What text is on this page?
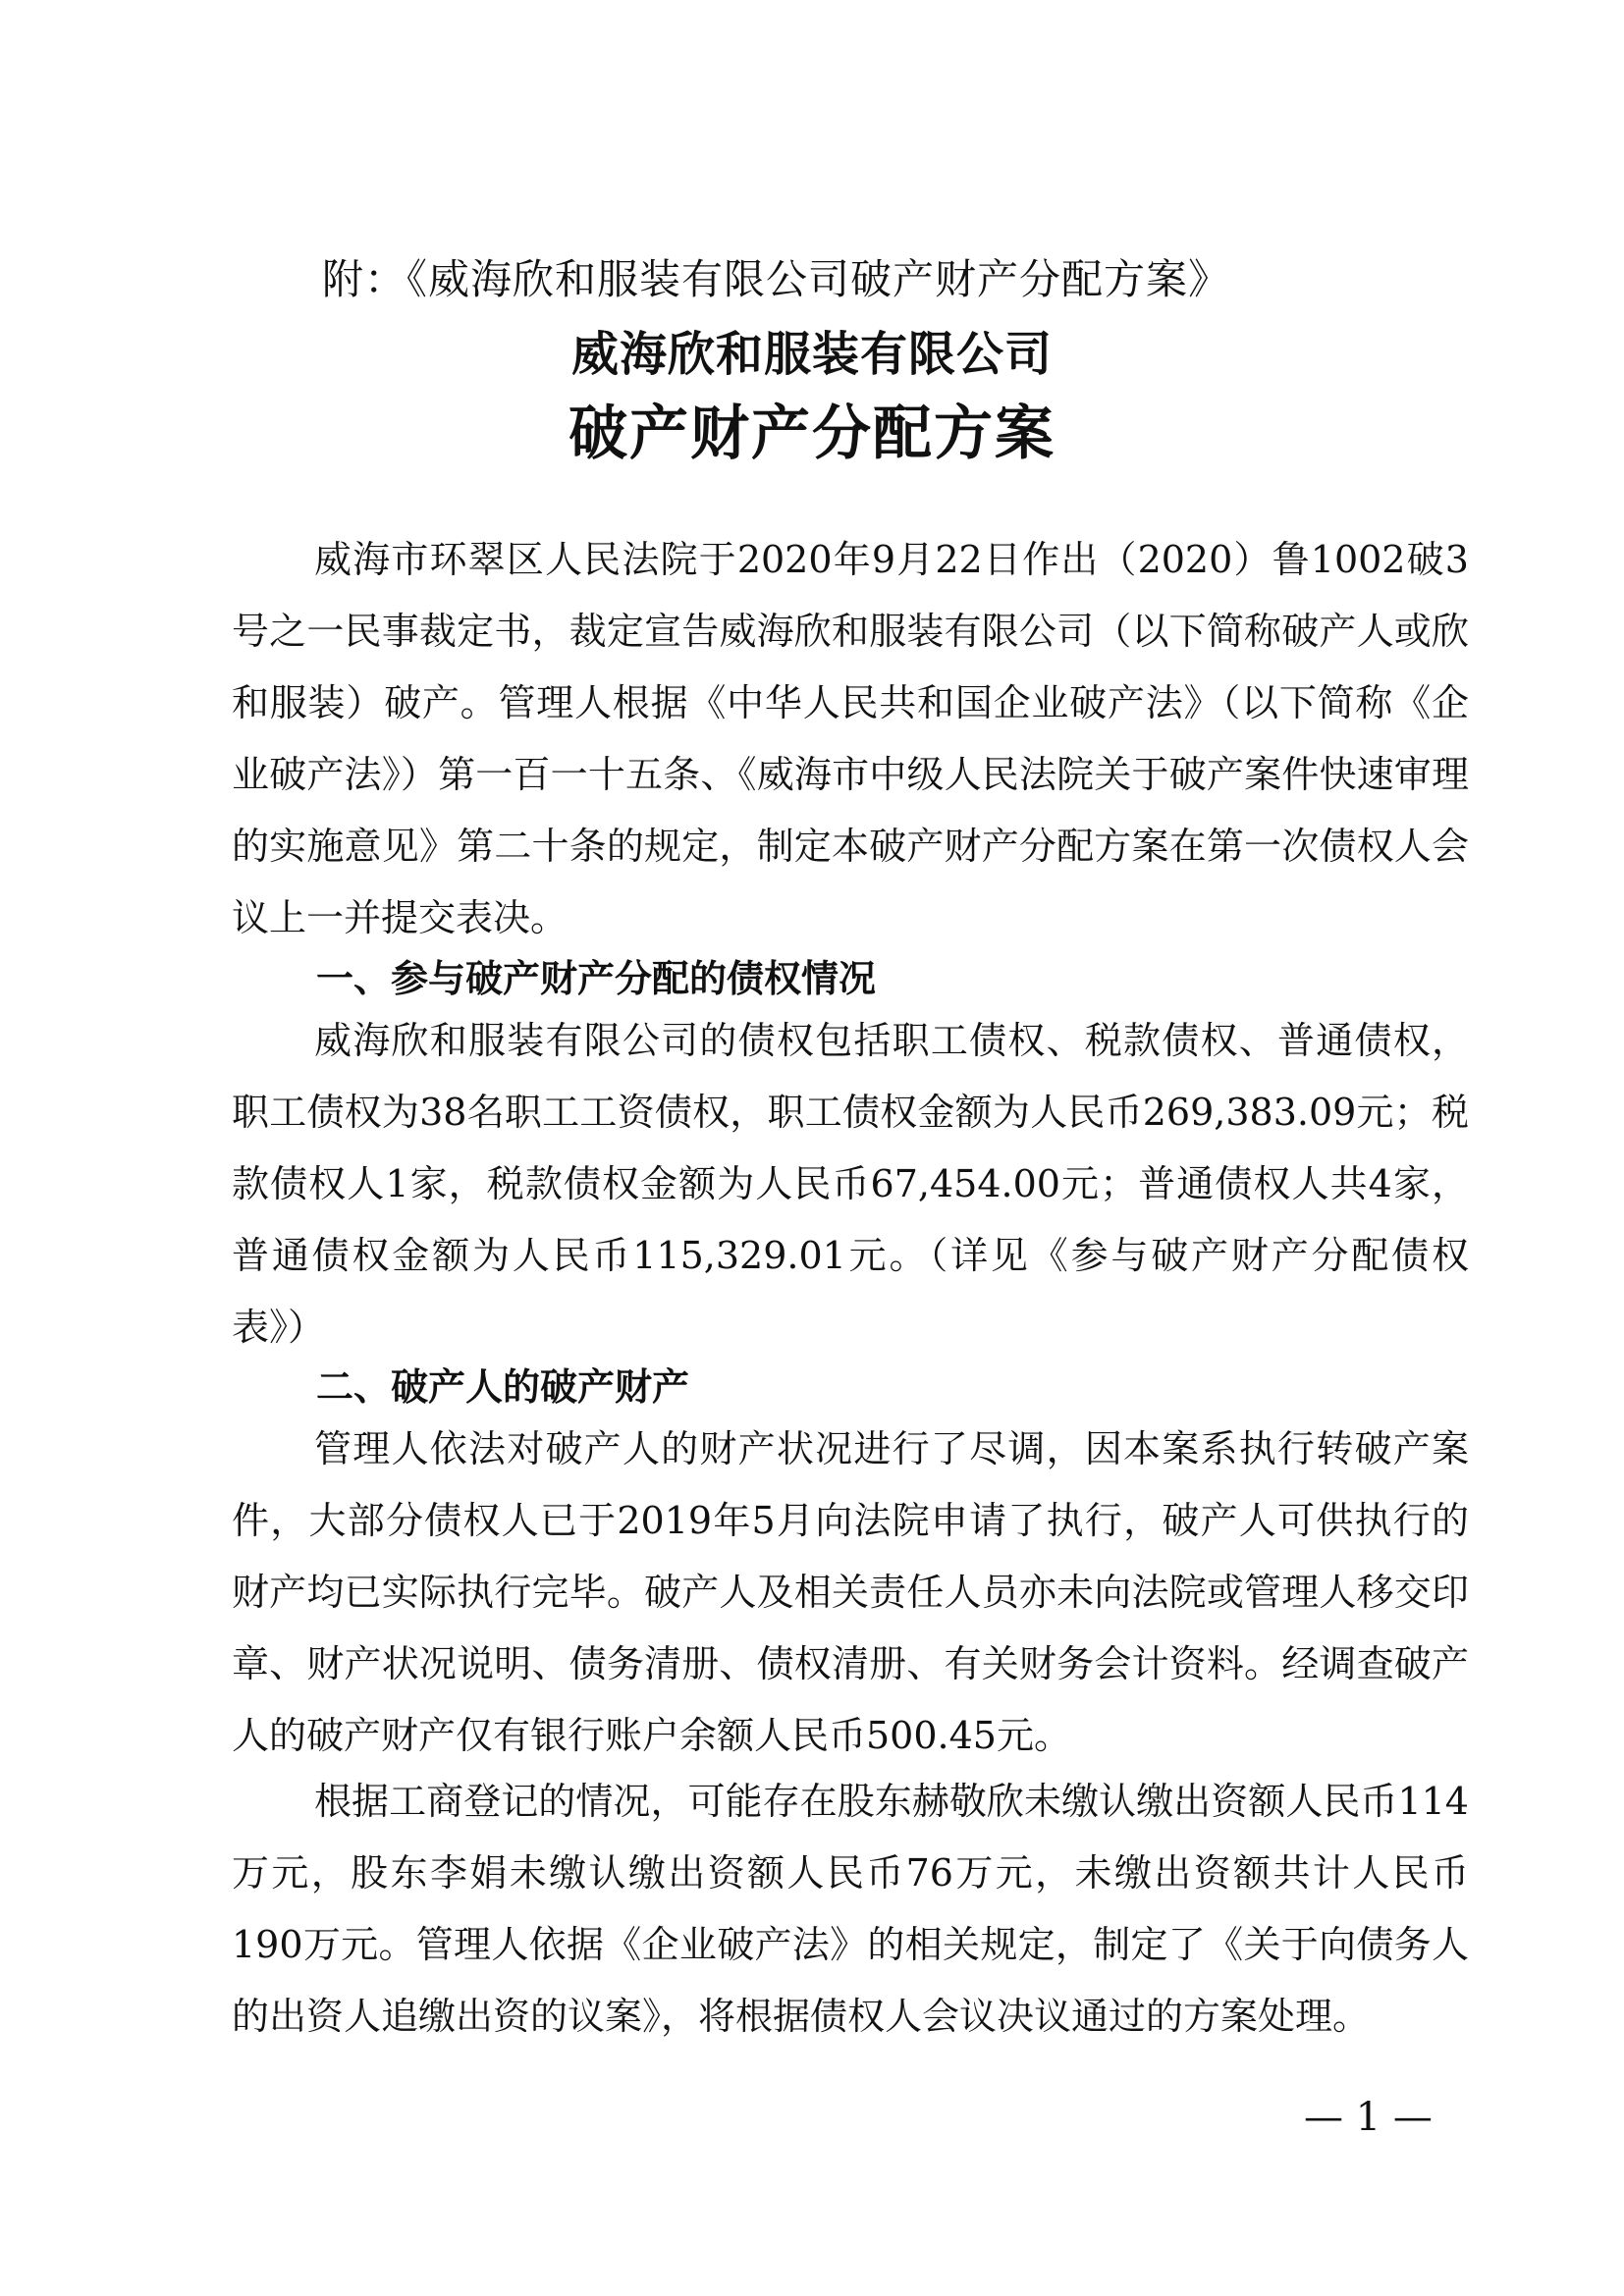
附：《威海欣和服装有限公司破产财产分配方案》
威海欣和服装有限公司
破产财产分配方案

威海市环翠区人民法院于2020年9月22日作出（2020）鲁1002破3号之一民事裁定书，裁定宣告威海欣和服装有限公司（以下简称破产人或欣和服装）破产。管理人根据《中华人民共和国企业破产法》（以下简称《企业破产法》）第一百一十五条、《威海市中级人民法院关于破产案件快速审理的实施意见》第二十条的规定，制定本破产财产分配方案在第一次债权人会议上一并提交表决。

一、参与破产财产分配的债权情况

威海欣和服装有限公司的债权包括职工债权、税款债权、普通债权，职工债权为38名职工工资债权，职工债权金额为人民币269,383.09元；税款债权人1家，税款债权金额为人民币67,454.00元；普通债权人共4家，普通债权金额为人民币115,329.01元。（详见《参与破产财产分配债权表》）

二、破产人的破产财产

管理人依法对破产人的财产状况进行了尽调，因本案系执行转破产案件，大部分债权人已于2019年5月向法院申请了执行，破产人可供执行的财产均已实际执行完毕。破产人及相关责任人员亦未向法院或管理人移交印章、财产状况说明、债务清册、债权清册、有关财务会计资料。经调查破产人的破产财产仅有银行账户余额人民币500.45元。

根据工商登记的情况，可能存在股东赫敬欣未缴认缴出资额人民币114万元，股东李娟未缴认缴出资额人民币76万元，未缴出资额共计人民币190万元。管理人依据《企业破产法》的相关规定，制定了《关于向债务人的出资人追缴出资的议案》，将根据债权人会议决议通过的方案处理。

— 1 —
